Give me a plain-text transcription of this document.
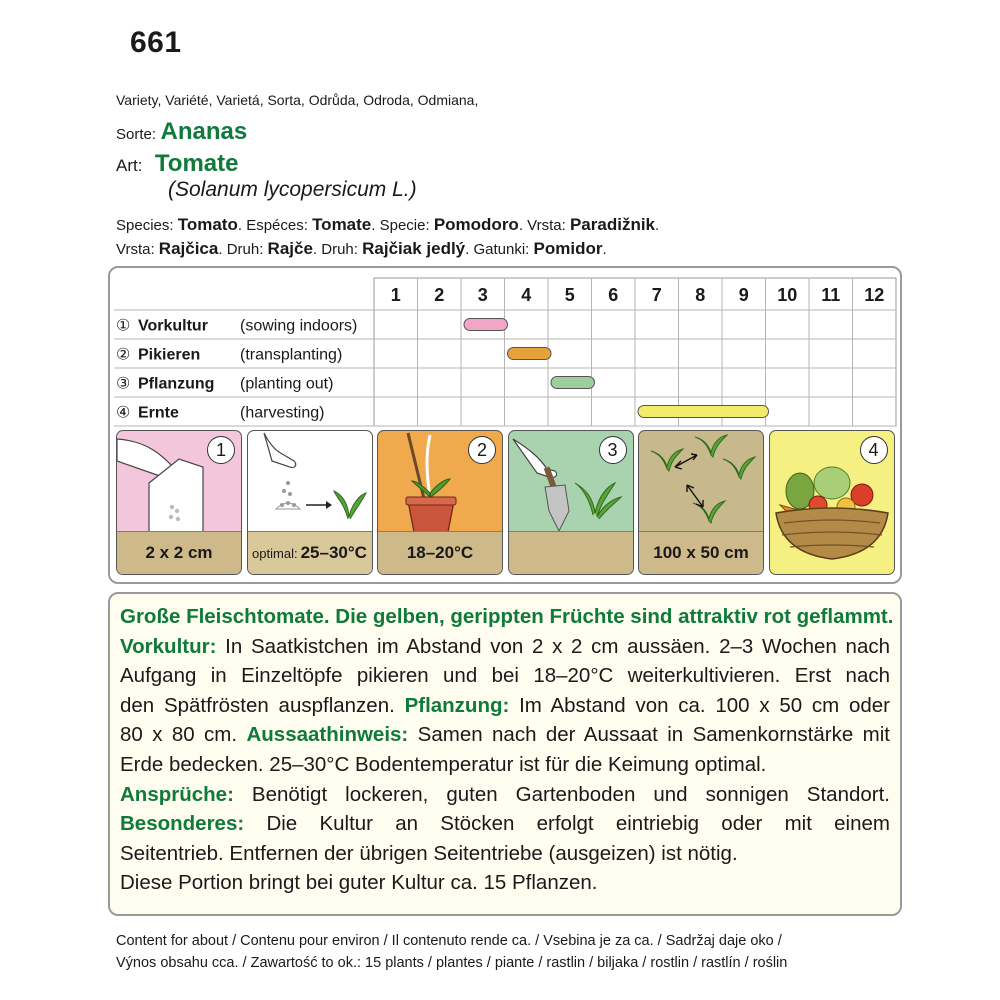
661
Variety, Variété, Varietá, Sorta, Odrůda, Odroda, Odmiana,
Sorte: Ananas
Art: Tomate
(Solanum lycopersicum L.)
Species: Tomato. Espéces: Tomate. Specie: Pomodoro. Vrsta: Paradižnik.
Vrsta: Rajčica. Druh: Rajče. Druh: Rajčiak jedlý. Gatunki: Pomidor.
1 2 3 4 5 6 7 8 9 10 11 12
① Vorkultur (sowing indoors)
② Pikieren (transplanting)
③ Pflanzung (planting out)
④ Ernte	(harvesting)
2 x 2 cm
1
optimal: 25–30°C 18–20°C
2	3
100 x 50 cm
4
Große Fleischtomate. Die gelben, gerippten Früchte sind attraktiv rot geflammt.
Vorkultur: In Saatkistchen im Abstand von 2 x 2 cm aussäen. 2–3 Wochen nach
Aufgang in Einzeltöpfe pikieren und bei 18–20°C weiterkultivieren. Erst nach
den Spätfrösten auspflanzen. Pflanzung: Im Abstand von ca. 100 x 50 cm oder
80 x 80 cm. Aussaathinweis: Samen nach der Aussaat in Samenkornstärke mit
Erde bedecken. 25–30°C Bodentemperatur ist für die Keimung optimal.
Ansprüche: Benötigt lockeren, guten Gartenboden und sonnigen Standort.
Besonderes: Die Kultur an Stöcken erfolgt eintriebig oder mit einem
Seitentrieb. Entfernen der übrigen Seitentriebe (ausgeizen) ist nötig.
Diese Portion bringt bei guter Kultur ca. 15 Pflanzen.
Content for about / Contenu pour environ / Il contenuto rende ca. / Vsebina je za ca. / Sadržaj daje oko /
Výnos obsahu cca. / Zawartość to ok.: 15 plants / plantes / piante / rastlin / biljaka / rostlin / rastlín / roślin
